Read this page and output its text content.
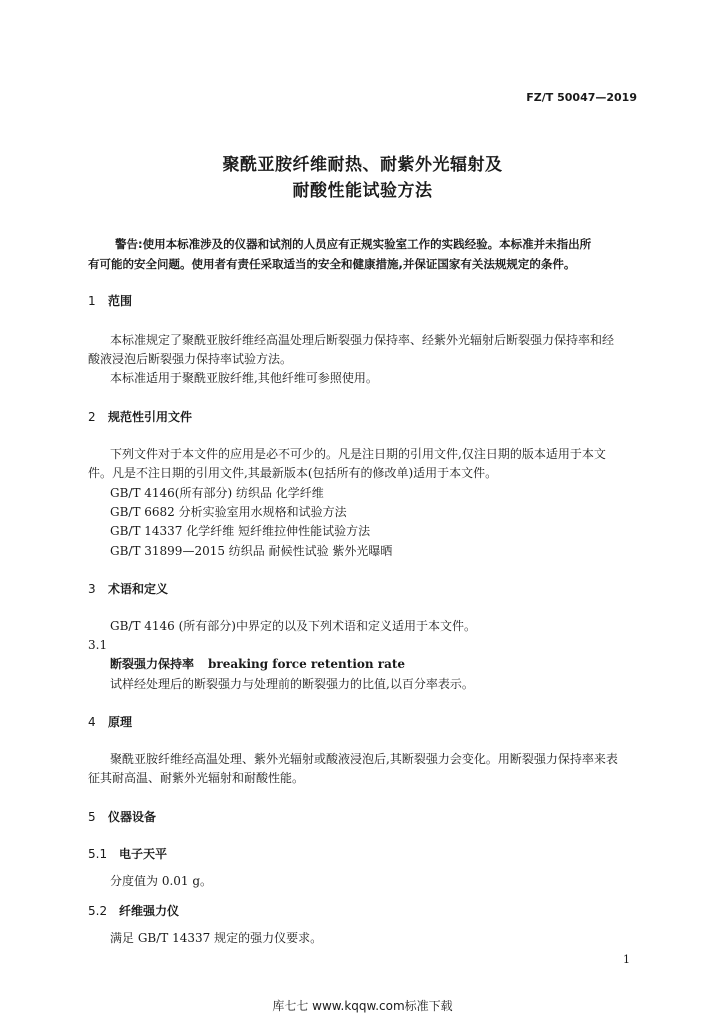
FZ/T 50047—2019
聚酰亚胺纤维耐热、耐紫外光辐射及
耐酸性能试验方法
警告:使用本标准涉及的仪器和试剂的人员应有正规实验室工作的实践经验。本标准并未指出所
有可能的安全问题。使用者有责任采取适当的安全和健康措施,并保证国家有关法规规定的条件。
1 范围
本标准规定了聚酰亚胺纤维经高温处理后断裂强力保持率、经紫外光辐射后断裂强力保持率和经
酸液浸泡后断裂强力保持率试验方法。
本标准适用于聚酰亚胺纤维,其他纤维可参照使用。
2 规范性引用文件
下列文件对于本文件的应用是必不可少的。凡是注日期的引用文件,仅注日期的版本适用于本文
件。凡是不注日期的引用文件,其最新版本(包括所有的修改单)适用于本文件。
GB/T 4146(所有部分) 纺织品 化学纤维
GB/T 6682 分析实验室用水规格和试验方法
GB/T 14337 化学纤维 短纤维拉伸性能试验方法
GB/T 31899—2015 纺织品 耐候性试验 紫外光曝晒
3 术语和定义
GB/T 4146 (所有部分)中界定的以及下列术语和定义适用于本文件。
3.1
断裂强力保持率 breaking force retention rate
试样经处理后的断裂强力与处理前的断裂强力的比值,以百分率表示。
4 原理
聚酰亚胺纤维经高温处理、紫外光辐射或酸液浸泡后,其断裂强力会变化。用断裂强力保持率来表
征其耐高温、耐紫外光辐射和耐酸性能。
5 仪器设备
5.1 电子天平
分度值为 0.01 g。
5.2 纤维强力仪
满足 GB/T 14337 规定的强力仪要求。
1
库七七 www.kqqw.com标准下载
